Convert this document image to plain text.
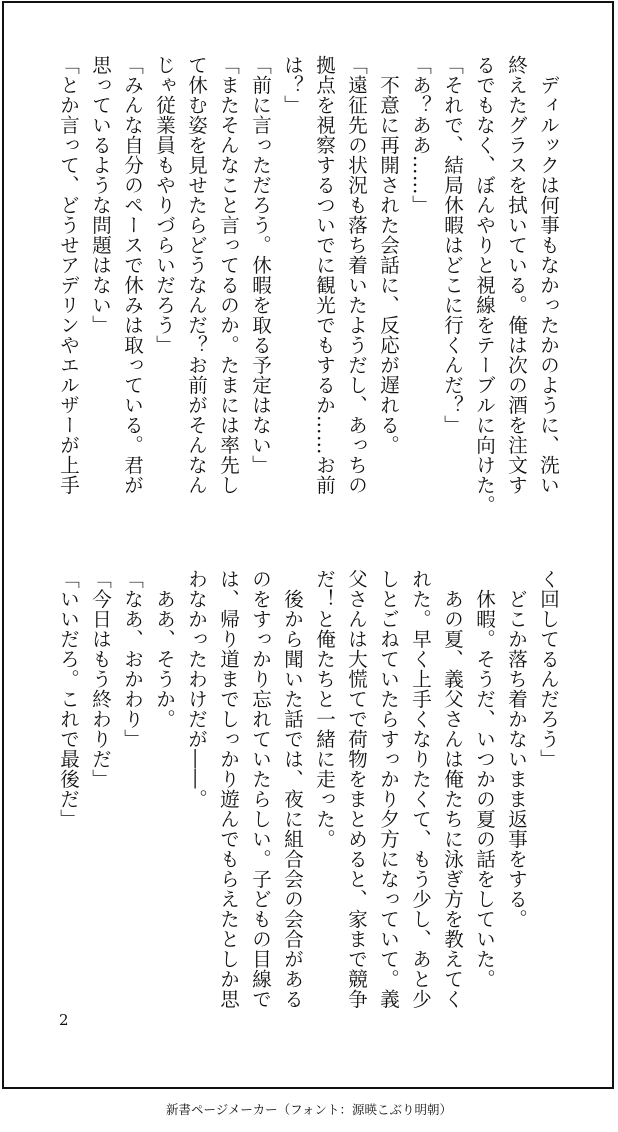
　ディルックは何事もなかったかのように、洗い

終えたグラスを拭いている。俺は次の酒を注文す

るでもなく、ぼんやりと視線をテーブルに向けた。

「それで、結局休暇はどこに行くんだ？」

「あ？ああ……」

　不意に再開された会話に、反応が遅れる。

「遠征先の状況も落ち着いたようだし、あっちの

拠点を視察するついでに観光でもするか……お前

は？」

「前に言っただろう。休暇を取る予定はない」

「またそんなこと言ってるのか。たまには率先し

て休む姿を見せたらどうなんだ？お前がそんなん

じゃ従業員もやりづらいだろう」

「みんな自分のペースで休みは取っている。君が

思っているような問題はない」

「とか言って、どうせアデリンやエルザーが上手

く回してるんだろう」

　どこか落ち着かないまま返事をする。

　休暇。そうだ、いつかの夏の話をしていた。

　あの夏、義父さんは俺たちに泳ぎ方を教えてく

れた。早く上手くなりたくて、もう少し、あと少

しとごねていたらすっかり夕方になっていて。義

父さんは大慌てで荷物をまとめると、家まで競争

だ！と俺たちと一緒に走った。

　後から聞いた話では、夜に組合会の会合がある

のをすっかり忘れていたらしい。子どもの目線で

は、帰り道までしっかり遊んでもらえたとしか思

わなかったわけだが――。

　ああ、そうか。

「なあ、おかわり」

「今日はもう終わりだ」

「いいだろ。これで最後だ」

2
新書ページメーカー（フォント：源暎こぶり明朝）
